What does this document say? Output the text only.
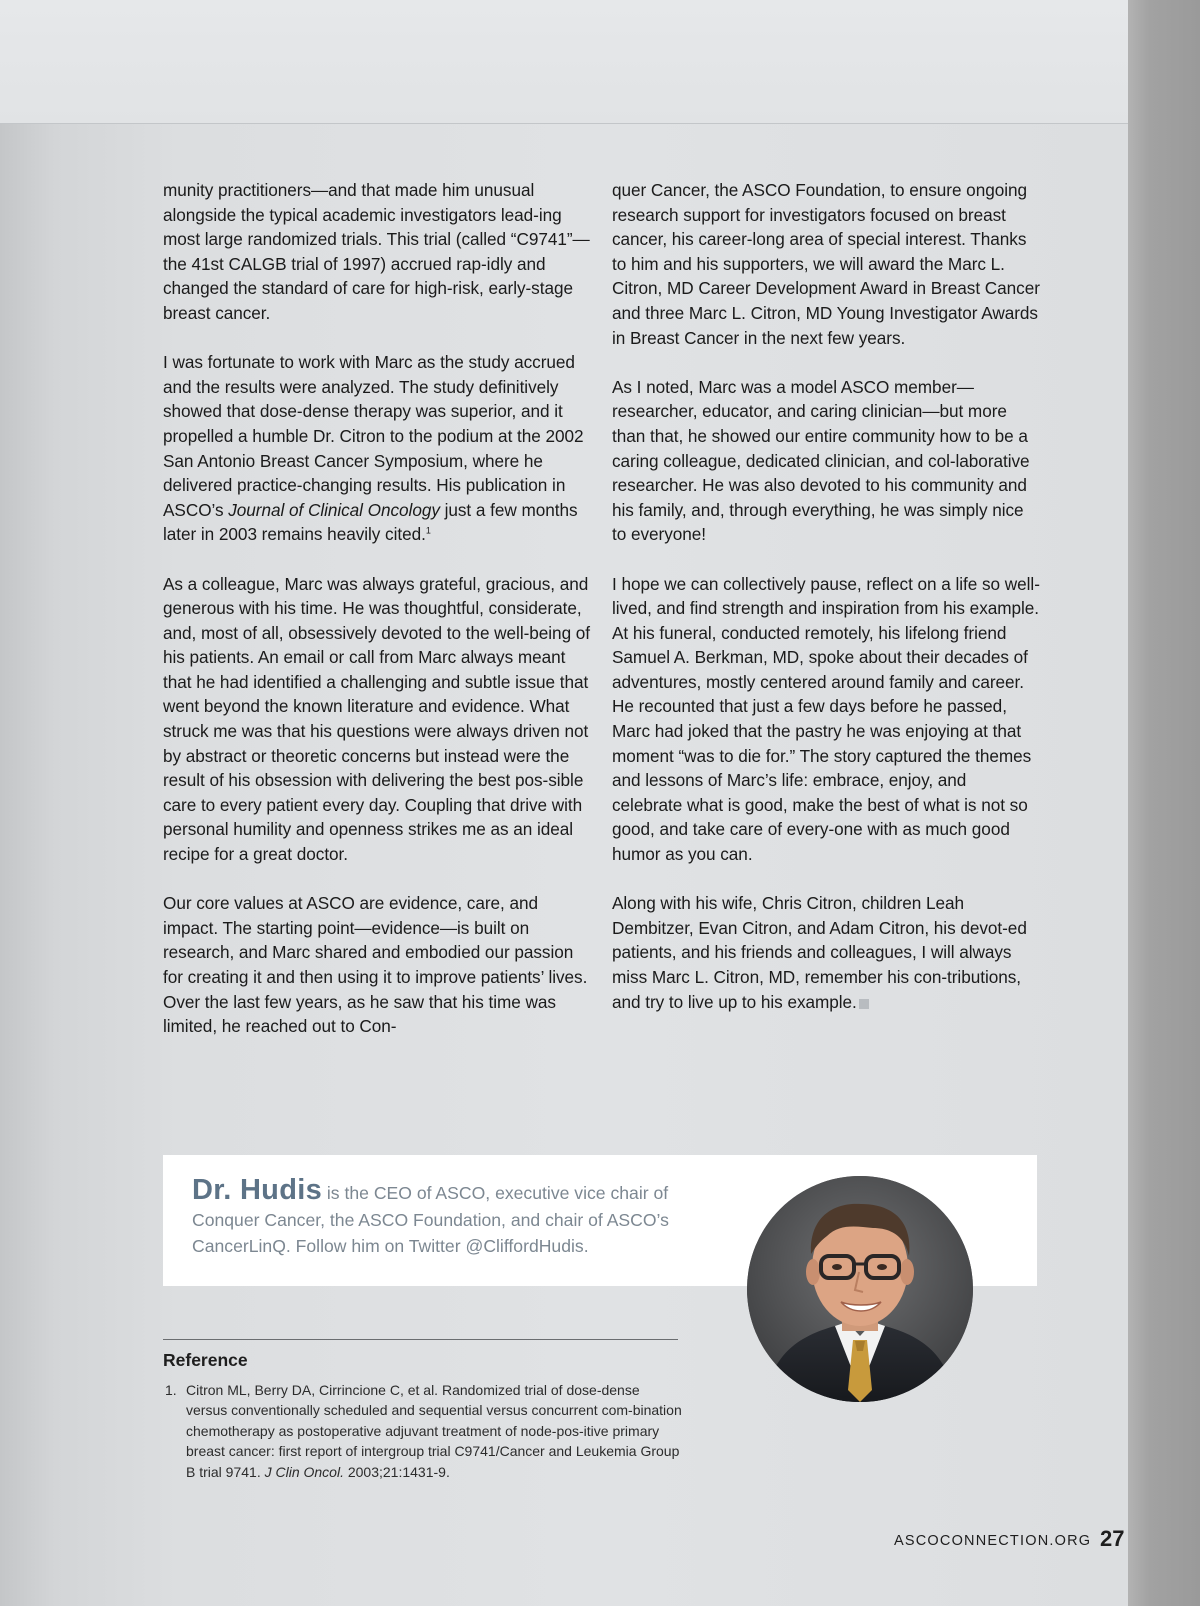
munity practitioners—and that made him unusual alongside the typical academic investigators lead-ing most large randomized trials. This trial (called “C9741”—the 41st CALGB trial of 1997) accrued rap-idly and changed the standard of care for high-risk, early-stage breast cancer.

I was fortunate to work with Marc as the study accrued and the results were analyzed. The study definitively showed that dose-dense therapy was superior, and it propelled a humble Dr. Citron to the podium at the 2002 San Antonio Breast Cancer Symposium, where he delivered practice-changing results. His publication in ASCO’s Journal of Clinical Oncology just a few months later in 2003 remains heavily cited.$^1$

As a colleague, Marc was always grateful, gracious, and generous with his time. He was thoughtful, considerate, and, most of all, obsessively devoted to the well-being of his patients. An email or call from Marc always meant that he had identified a challenging and subtle issue that went beyond the known literature and evidence. What struck me was that his questions were always driven not by abstract or theoretic concerns but instead were the result of his obsession with delivering the best pos-sible care to every patient every day. Coupling that drive with personal humility and openness strikes me as an ideal recipe for a great doctor.

Our core values at ASCO are evidence, care, and impact. The starting point—evidence—is built on research, and Marc shared and embodied our passion for creating it and then using it to improve patients’ lives. Over the last few years, as he saw that his time was limited, he reached out to Con-

quer Cancer, the ASCO Foundation, to ensure ongoing research support for investigators focused on breast cancer, his career-long area of special interest. Thanks to him and his supporters, we will award the Marc L. Citron, MD Career Development Award in Breast Cancer and three Marc L. Citron, MD Young Investigator Awards in Breast Cancer in the next few years.

As I noted, Marc was a model ASCO member—researcher, educator, and caring clinician—but more than that, he showed our entire community how to be a caring colleague, dedicated clinician, and col-laborative researcher. He was also devoted to his community and his family, and, through everything, he was simply nice to everyone!

I hope we can collectively pause, reflect on a life so well-lived, and find strength and inspiration from his example. At his funeral, conducted remotely, his lifelong friend Samuel A. Berkman, MD, spoke about their decades of adventures, mostly centered around family and career. He recounted that just a few days before he passed, Marc had joked that the pastry he was enjoying at that moment “was to die for.” The story captured the themes and lessons of Marc’s life: embrace, enjoy, and celebrate what is good, make the best of what is not so good, and take care of every-one with as much good humor as you can.

Along with his wife, Chris Citron, children Leah Dembitzer, Evan Citron, and Adam Citron, his devot-ed patients, and his friends and colleagues, I will always miss Marc L. Citron, MD, remember his con-tributions, and try to live up to his example.

Dr. Hudis is the CEO of ASCO, executive vice chair of Conquer Cancer, the ASCO Foundation, and chair of ASCO’s CancerLinQ. Follow him on Twitter @CliffordHudis.
Reference
1. Citron ML, Berry DA, Cirrincione C, et al. Randomized trial of dose-dense versus conventionally scheduled and sequential versus concurrent com-bination chemotherapy as postoperative adjuvant treatment of node-pos-itive primary breast cancer: first report of intergroup trial C9741/Cancer and Leukemia Group B trial 9741. J Clin Oncol. 2003;21:1431-9.
ASCOCONNECTION.ORG 27
